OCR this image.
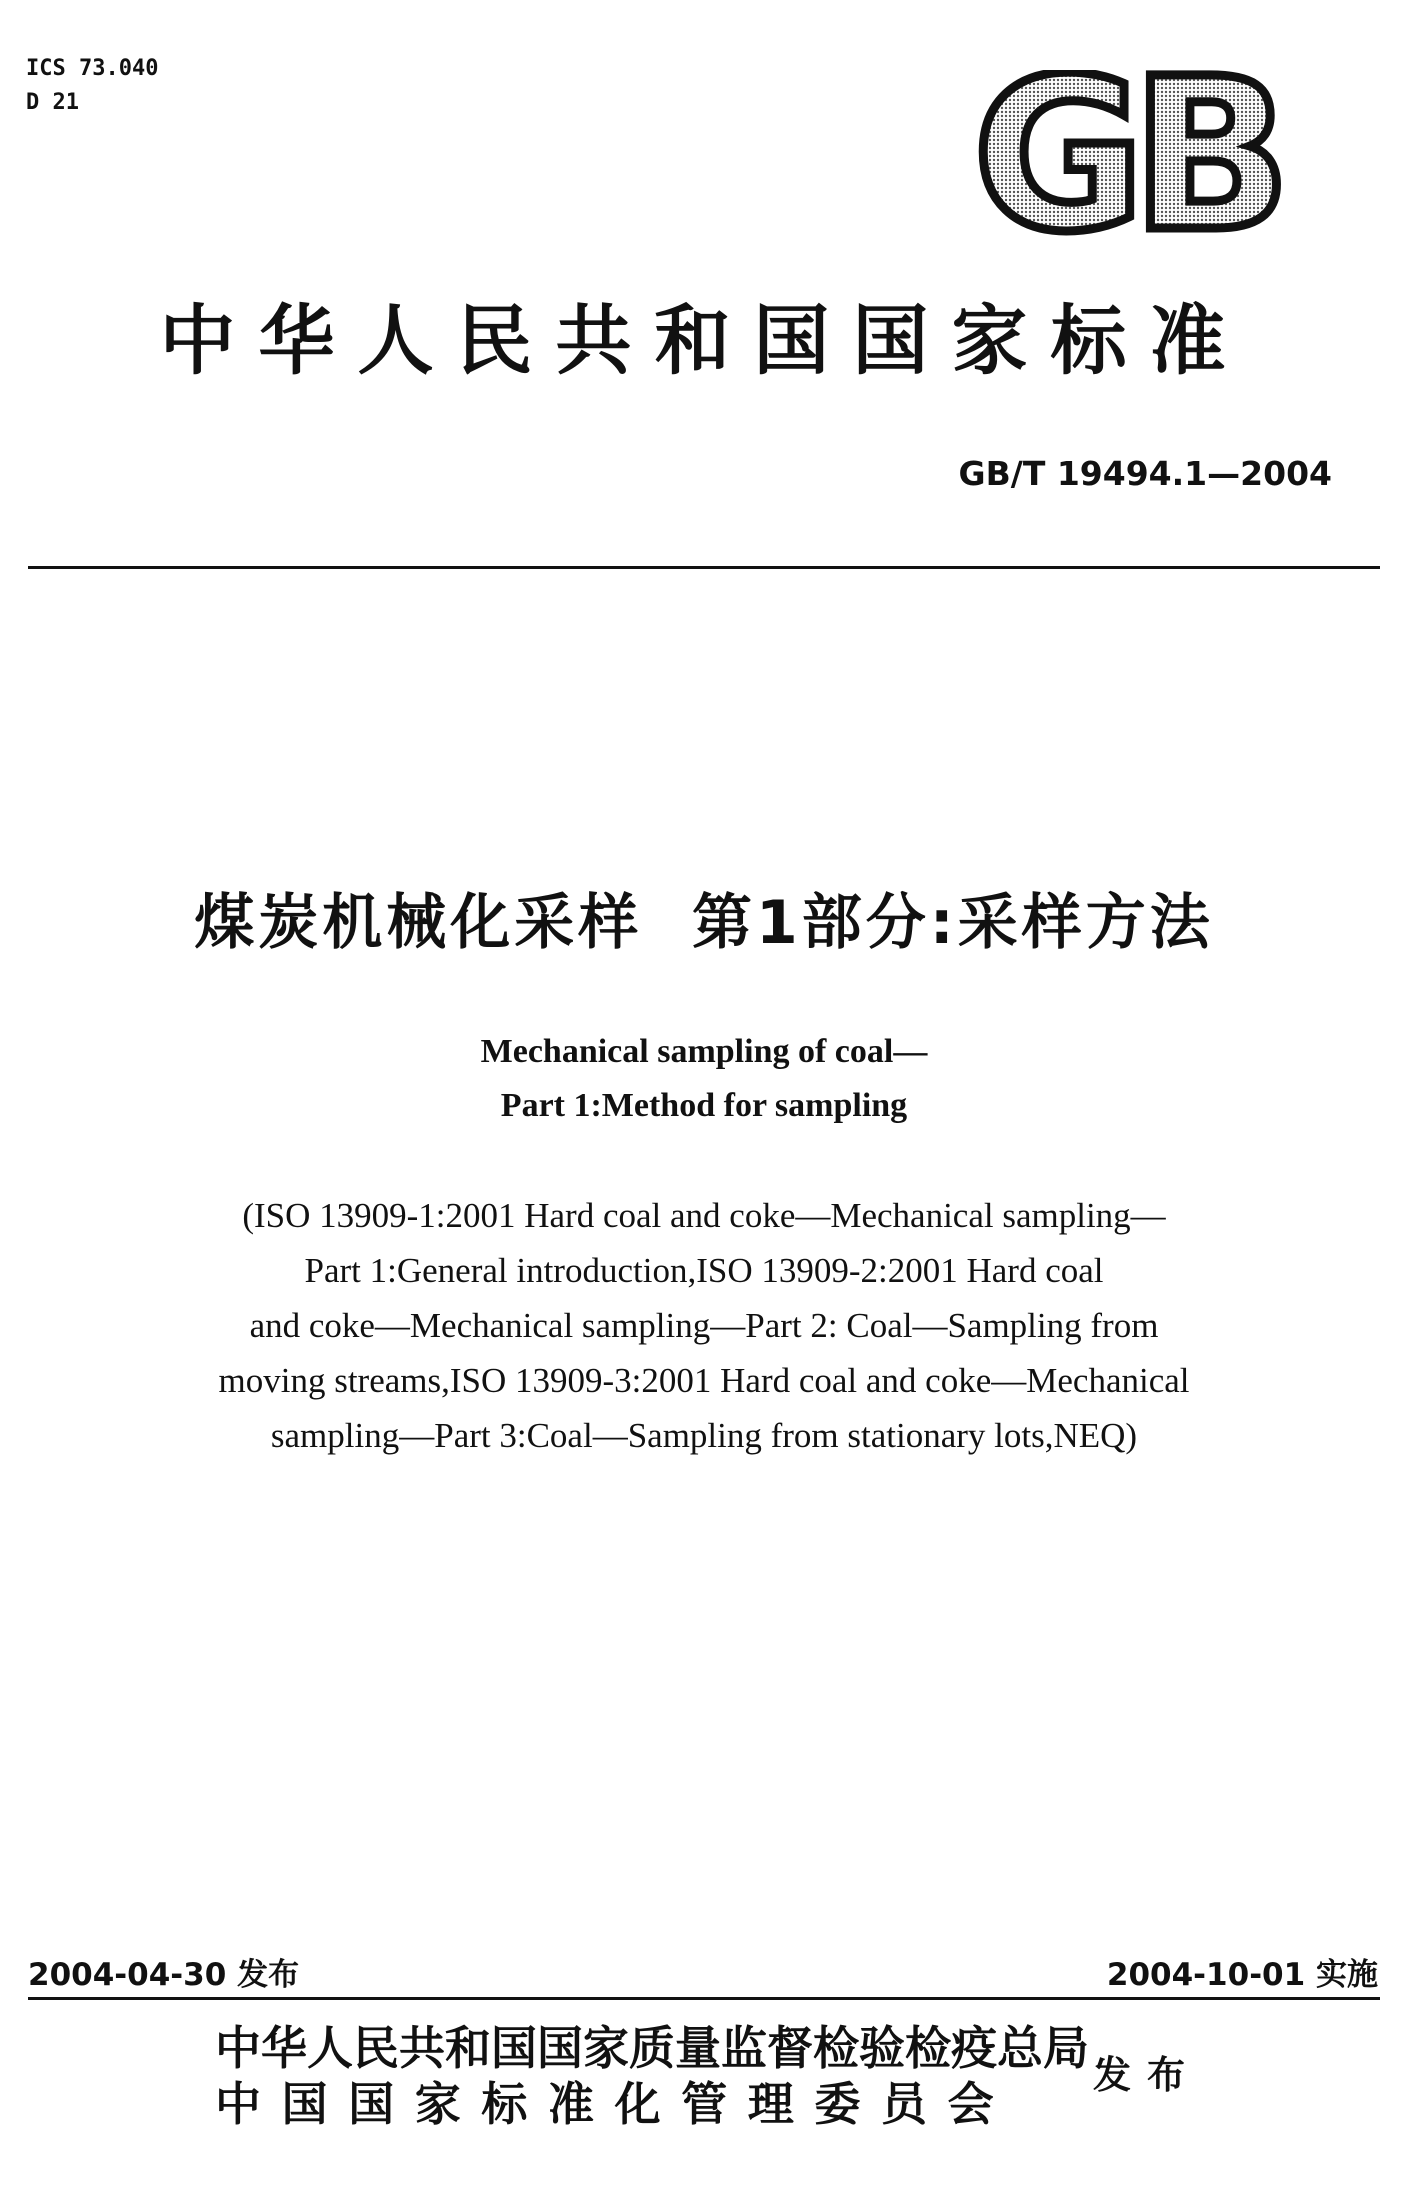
ICS 73.040
D 21	GB
中华人民共和国国家标准
GB/T 19494.1—2004
煤炭机械化采样  第1部分:采样方法
Mechanical sampling of coal—
Part 1:Method for sampling
(ISO 13909-1:2001 Hard coal and coke—Mechanical sampling—
Part 1:General introduction,ISO 13909-2:2001 Hard coal
and coke—Mechanical sampling—Part 2: Coal—Sampling from
moving streams,ISO 13909-3:2001 Hard coal and coke—Mechanical
sampling—Part 3:Coal—Sampling from stationary lots,NEQ)
2004-04-30 发布	2004-10-01 实施
中华人民共和国国家质量监督检验检疫总局
中国国家标准化管理委员会
发布
